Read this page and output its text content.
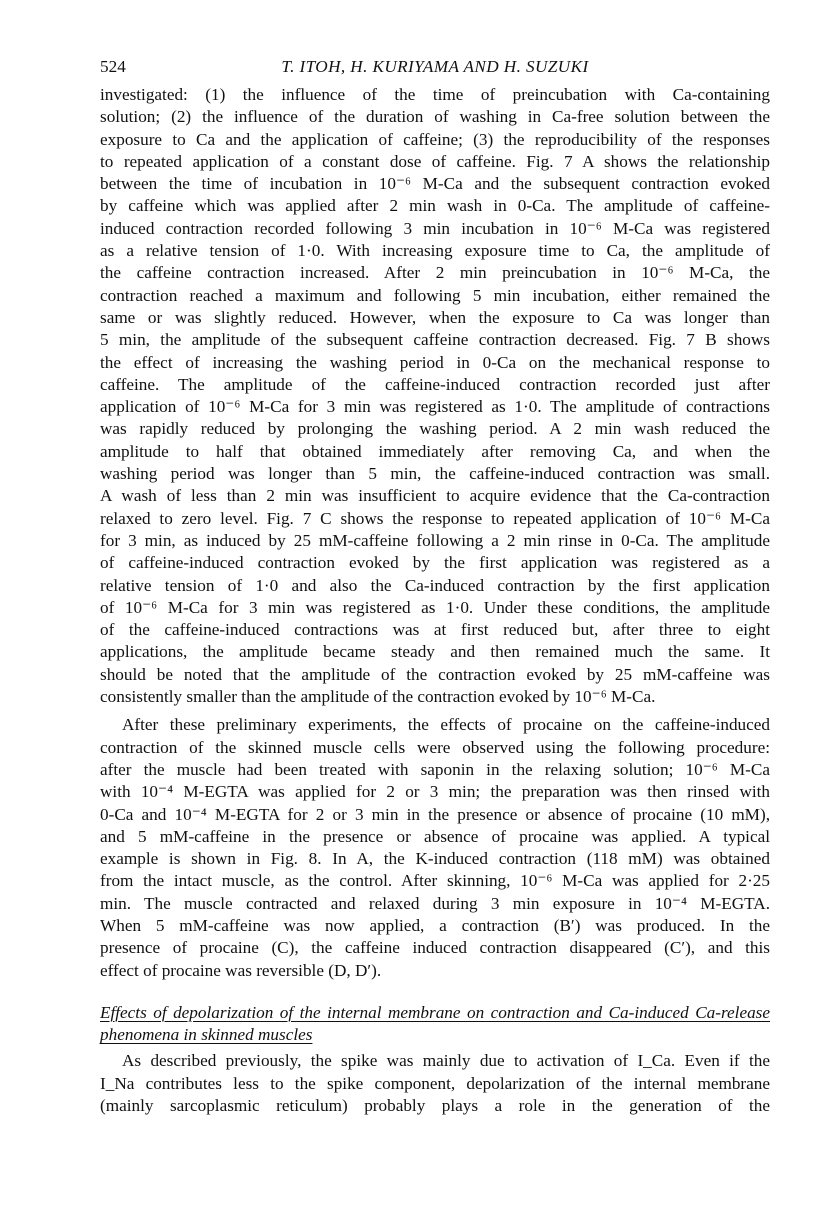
524	T. ITOH, H. KURIYAMA AND H. SUZUKI
investigated: (1) the influence of the time of preincubation with Ca-containing
solution; (2) the influence of the duration of washing in Ca-free solution between the
exposure to Ca and the application of caffeine; (3) the reproducibility of the responses
to repeated application of a constant dose of caffeine. Fig. 7 A shows the relationship
between the time of incubation in 10⁻⁶ M-Ca and the subsequent contraction evoked
by caffeine which was applied after 2 min wash in 0-Ca. The amplitude of caffeine-
induced contraction recorded following 3 min incubation in 10⁻⁶ M-Ca was registered
as a relative tension of 1·0. With increasing exposure time to Ca, the amplitude of
the caffeine contraction increased. After 2 min preincubation in 10⁻⁶ M-Ca, the
contraction reached a maximum and following 5 min incubation, either remained the
same or was slightly reduced. However, when the exposure to Ca was longer than
5 min, the amplitude of the subsequent caffeine contraction decreased. Fig. 7 B shows
the effect of increasing the washing period in 0-Ca on the mechanical response to
caffeine. The amplitude of the caffeine-induced contraction recorded just after
application of 10⁻⁶ M-Ca for 3 min was registered as 1·0. The amplitude of contractions
was rapidly reduced by prolonging the washing period. A 2 min wash reduced the
amplitude to half that obtained immediately after removing Ca, and when the
washing period was longer than 5 min, the caffeine-induced contraction was small.
A wash of less than 2 min was insufficient to acquire evidence that the Ca-contraction
relaxed to zero level. Fig. 7 C shows the response to repeated application of 10⁻⁶ M-Ca
for 3 min, as induced by 25 mM-caffeine following a 2 min rinse in 0-Ca. The amplitude
of caffeine-induced contraction evoked by the first application was registered as a
relative tension of 1·0 and also the Ca-induced contraction by the first application
of 10⁻⁶ M-Ca for 3 min was registered as 1·0. Under these conditions, the amplitude
of the caffeine-induced contractions was at first reduced but, after three to eight
applications, the amplitude became steady and then remained much the same. It
should be noted that the amplitude of the contraction evoked by 25 mM-caffeine was
consistently smaller than the amplitude of the contraction evoked by 10⁻⁶ M-Ca.
After these preliminary experiments, the effects of procaine on the caffeine-induced
contraction of the skinned muscle cells were observed using the following procedure:
after the muscle had been treated with saponin in the relaxing solution; 10⁻⁶ M-Ca
with 10⁻⁴ M-EGTA was applied for 2 or 3 min; the preparation was then rinsed with
0-Ca and 10⁻⁴ M-EGTA for 2 or 3 min in the presence or absence of procaine (10 mM),
and 5 mM-caffeine in the presence or absence of procaine was applied. A typical
example is shown in Fig. 8. In A, the K-induced contraction (118 mM) was obtained
from the intact muscle, as the control. After skinning, 10⁻⁶ M-Ca was applied for 2·25
min. The muscle contracted and relaxed during 3 min exposure in 10⁻⁴ M-EGTA.
When 5 mM-caffeine was now applied, a contraction (B′) was produced. In the
presence of procaine (C), the caffeine induced contraction disappeared (C′), and this
effect of procaine was reversible (D, D′).
Effects of depolarization of the internal membrane on contraction and Ca-induced Ca-release
phenomena in skinned muscles
As described previously, the spike was mainly due to activation of I_Ca. Even if the
I_Na contributes less to the spike component, depolarization of the internal membrane
(mainly sarcoplasmic reticulum) probably plays a role in the generation of the
